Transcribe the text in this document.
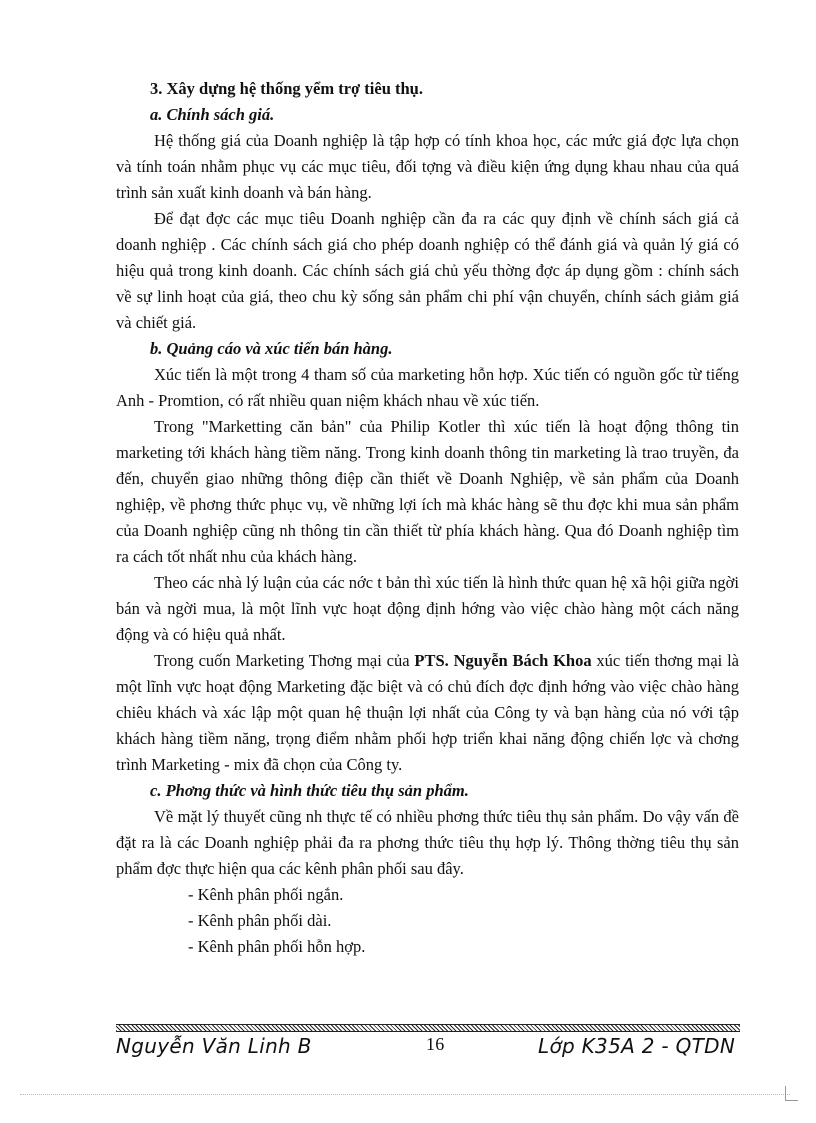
3. Xây dựng hệ thống yểm trợ tiêu thụ.

a. Chính sách giá.

Hệ thống giá của Doanh nghiệp là tập hợp có tính khoa học, các mức giá đợc lựa chọn và tính toán nhằm phục vụ các mục tiêu, đối tợng và điều kiện ứng dụng khau nhau của quá trình sản xuất kinh doanh và bán hàng.

Để đạt đợc các mục tiêu Doanh nghiệp cần đa ra các quy định về chính sách giá cả doanh nghiệp . Các chính sách giá cho phép doanh nghiệp có thể đánh giá và quản lý giá có hiệu quả trong kinh doanh. Các chính sách giá chủ yếu thờng đợc áp dụng gồm : chính sách về sự linh hoạt của giá, theo chu kỳ sống sản phẩm chi phí vận chuyển, chính sách giảm giá và chiết giá.

b. Quảng cáo và xúc tiến bán hàng.

Xúc tiến là một trong 4 tham số của marketing hỗn hợp. Xúc tiến có nguồn gốc từ tiếng Anh - Promtion, có rất nhiều quan niệm khách nhau về xúc tiến.

Trong "Marketting căn bản" của Philip Kotler thì xúc tiến là hoạt động thông tin marketing tới khách hàng tiềm năng. Trong kinh doanh thông tin marketing là trao truyền, đa đến, chuyển giao những thông điệp cần thiết về Doanh Nghiệp, về sản phẩm của Doanh nghiệp, về phơng thức phục vụ, về những lợi ích mà khác hàng sẽ thu đợc khi mua sản phẩm của Doanh nghiệp cũng nh thông tin cần thiết từ phía khách hàng. Qua đó Doanh nghiệp tìm ra cách tốt nhất nhu của khách hàng.

Theo các nhà lý luận của các nớc t bản thì xúc tiến là hình thức quan hệ xã hội giữa ngời bán và ngời mua, là một lĩnh vực hoạt động định hớng vào việc chào hàng một cách năng động và có hiệu quả nhất.

Trong cuốn Marketing Thơng mại của PTS. Nguyễn Bách Khoa xúc tiến thơng mại là một lĩnh vực hoạt động Marketing đặc biệt và có chủ đích đợc định hớng vào việc chào hàng chiêu khách và xác lập một quan hệ thuận lợi nhất của Công ty và bạn hàng của nó với tập khách hàng tiềm năng, trọng điểm nhằm phối hợp triển khai năng động chiến lợc và chơng trình Marketing - mix đã chọn của Công ty.

c. Phơng thức và hình thức tiêu thụ sản phẩm.

Về mặt lý thuyết cũng nh thực tế có nhiều phơng thức tiêu thụ sản phẩm. Do vậy vấn đề đặt ra là các Doanh nghiệp phải đa ra phơng thức tiêu thụ hợp lý. Thông thờng tiêu thụ sản phẩm đợc thực hiện qua các kênh phân phối sau đây.

- Kênh phân phối ngắn.

- Kênh phân phối dài.

- Kênh phân phối hỗn hợp.

Nguyễn Văn Linh B	16	Lớp K35A 2 - QTDN
